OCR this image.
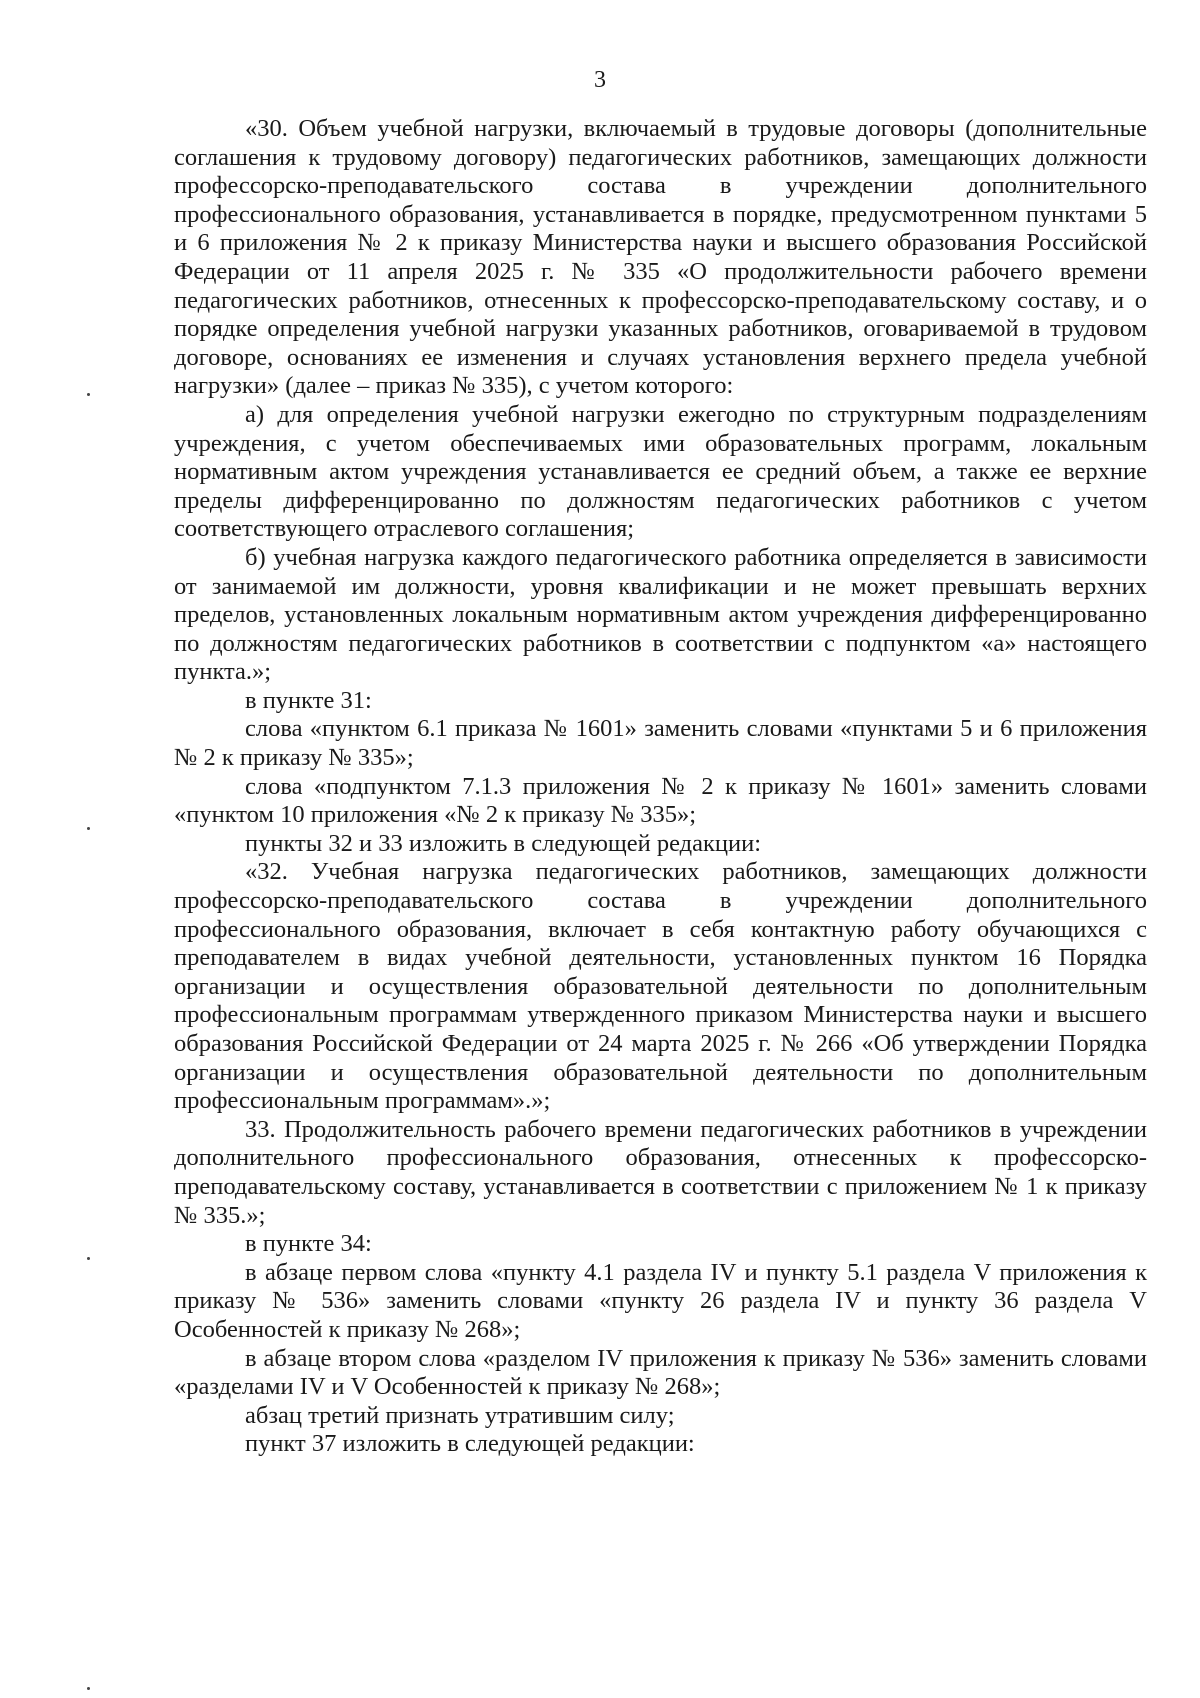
3

«30. Объем учебной нагрузки, включаемый в трудовые договоры (дополнительные соглашения к трудовому договору) педагогических работников, замещающих должности профессорско-преподавательского состава в учреждении дополнительного профессионального образования, устанавливается в порядке, предусмотренном пунктами 5 и 6 приложения № 2 к приказу Министерства науки и высшего образования Российской Федерации от 11 апреля 2025 г. № 335 «О продолжительности рабочего времени педагогических работников, отнесенных к профессорско-преподавательскому составу, и о порядке определения учебной нагрузки указанных работников, оговариваемой в трудовом договоре, основаниях ее изменения и случаях установления верхнего предела учебной нагрузки» (далее – приказ № 335), с учетом которого:

а) для определения учебной нагрузки ежегодно по структурным подразделениям учреждения, с учетом обеспечиваемых ими образовательных программ, локальным нормативным актом учреждения устанавливается ее средний объем, а также ее верхние пределы дифференцированно по должностям педагогических работников с учетом соответствующего отраслевого соглашения;

б) учебная нагрузка каждого педагогического работника определяется в зависимости от занимаемой им должности, уровня квалификации и не может превышать верхних пределов, установленных локальным нормативным актом учреждения дифференцированно по должностям педагогических работников в соответствии с подпунктом «а» настоящего пункта.»;

в пункте 31:

слова «пунктом 6.1 приказа № 1601» заменить словами «пунктами 5 и 6 приложения № 2 к приказу № 335»;

слова «подпунктом 7.1.3 приложения № 2 к приказу № 1601» заменить словами «пунктом 10 приложения «№ 2 к приказу № 335»;

пункты 32 и 33 изложить в следующей редакции:

«32. Учебная нагрузка педагогических работников, замещающих должности профессорско-преподавательского состава в учреждении дополнительного профессионального образования, включает в себя контактную работу обучающихся с преподавателем в видах учебной деятельности, установленных пунктом 16 Порядка организации и осуществления образовательной деятельности по дополнительным профессиональным программам утвержденного приказом Министерства науки и высшего образования Российской Федерации от 24 марта 2025 г. № 266 «Об утверждении Порядка организации и осуществления образовательной деятельности по дополнительным профессиональным программам».»;

33. Продолжительность рабочего времени педагогических работников в учреждении дополнительного профессионального образования, отнесенных к профессорско-преподавательскому составу, устанавливается в соответствии с приложением № 1 к приказу № 335.»;

в пункте 34:

в абзаце первом слова «пункту 4.1 раздела IV и пункту 5.1 раздела V приложения к приказу № 536» заменить словами «пункту 26 раздела IV и пункту 36 раздела V Особенностей к приказу № 268»;

в абзаце втором слова «разделом IV приложения к приказу № 536» заменить словами «разделами IV и V Особенностей к приказу № 268»;

абзац третий признать утратившим силу;

пункт 37 изложить в следующей редакции:
